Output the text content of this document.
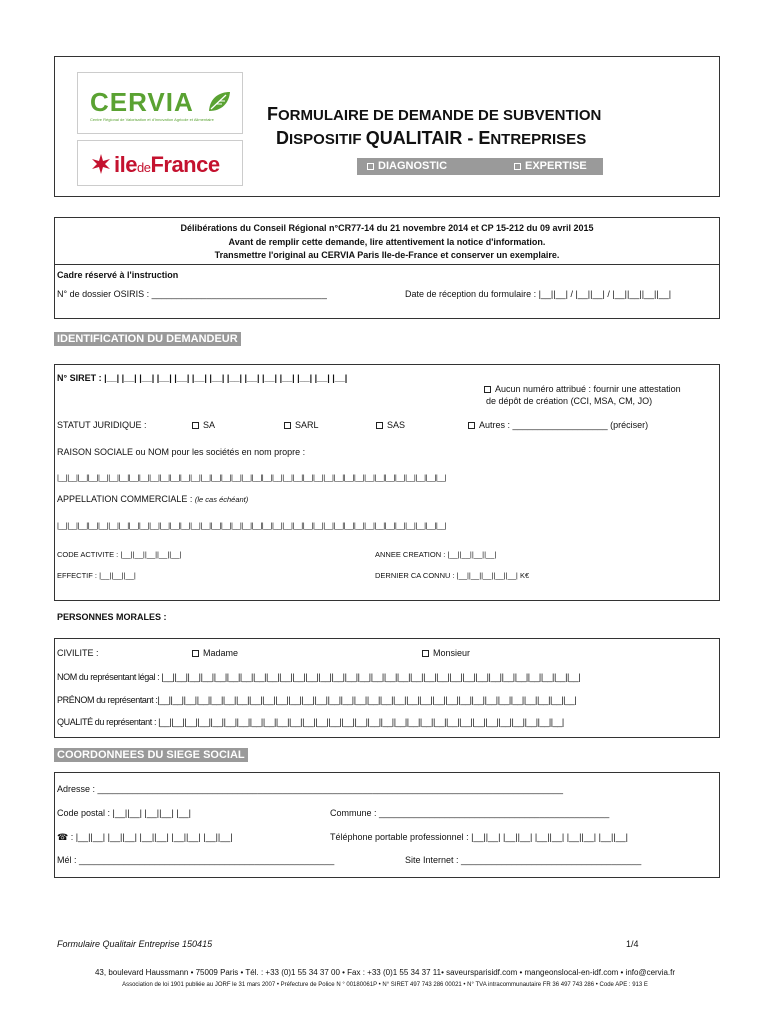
CERVIA
Centre Régional de Valorisation et d'Innovation Agricole et Alimentaire
iledeFrance
FORMULAIRE DE DEMANDE DE SUBVENTION
DISPOSITIF QUALITAIR - ENTREPRISES
DIAGNOSTIC	EXPERTISE
Délibérations du Conseil Régional n°CR77-14 du 21 novembre 2014 et CP 15-212 du 09 avril 2015
Avant de remplir cette demande, lire attentivement la notice d'information.
Transmettre l'original au CERVIA Paris Ile-de-France et conserver un exemplaire.
Cadre réservé à l'instruction
N° de dossier OSIRIS : ___________________________________	Date de réception du formulaire : |__||__| / |__||__| / |__||__||__||__|
IDENTIFICATION DU DEMANDEUR
N° SIRET : |__| |__| |__| |__| |__| |__| |__| |__| |__| |__| |__| |__| |__| |__|
Aucun numéro attribué : fournir une attestation
de dépôt de création (CCI, MSA, CM, JO)
STATUT JURIDIQUE :	SA	SARL	SAS	Autres : ___________________ (préciser)
RAISON SOCIALE ou NOM pour les sociétés en nom propre :
|__||__||__||__||__||__||__||__||__||__||__||__||__||__||__||__||__||__||__||__||__||__||__||__||__||__||__||__||__||__||__||__||__||__||__||__||__||__|
APPELLATION COMMERCIALE : (le cas échéant)
|__||__||__||__||__||__||__||__||__||__||__||__||__||__||__||__||__||__||__||__||__||__||__||__||__||__||__||__||__||__||__||__||__||__||__||__||__||__|
CODE ACTIVITE : |__||__||__||__||__|	ANNEE CREATION : |__||__||__||__|
EFFECTIF : |__||__||__|	DERNIER CA CONNU : |__||__||__||__||__| K€
PERSONNES MORALES :
CIVILITE :	Madame	Monsieur
NOM du représentant légal : |__||__||__||__||__||__||__||__||__||__||__||__||__||__||__||__||__||__||__||__||__||__||__||__||__||__||__||__||__||__||__||__|
PRÉNOM du représentant :|__||__||__||__||__||__||__||__||__||__||__||__||__||__||__||__||__||__||__||__||__||__||__||__||__||__||__||__||__||__||__||__|
QUALITÉ du représentant : |__||__||__||__||__||__||__||__||__||__||__||__||__||__||__||__||__||__||__||__||__||__||__||__||__||__||__||__||__||__||__|
COORDONNEES DU SIEGE SOCIAL
Adresse : _____________________________________________________________________________________________
Code postal : |__||__| |__||__| |__|	Commune : ______________________________________________
☎ : |__||__| |__||__| |__||__| |__||__| |__||__|	Téléphone portable professionnel : |__||__| |__||__| |__||__| |__||__| |__||__|
Mél : ___________________________________________________	Site Internet : ____________________________________
Formulaire Qualitair Entreprise 150415	1/4
43, boulevard Haussmann • 75009 Paris • Tél. : +33 (0)1 55 34 37 00 • Fax : +33 (0)1 55 34 37 11• saveursparisidf.com • mangeonslocal-en-idf.com • info@cervia.fr
Association de loi 1901 publiée au JORF le 31 mars 2007 • Préfecture de Police N ° 00180061P • N° SIRET 497 743 286 00021 • N° TVA intracommunautaire FR 36 497 743 286 • Code APE : 913 E
